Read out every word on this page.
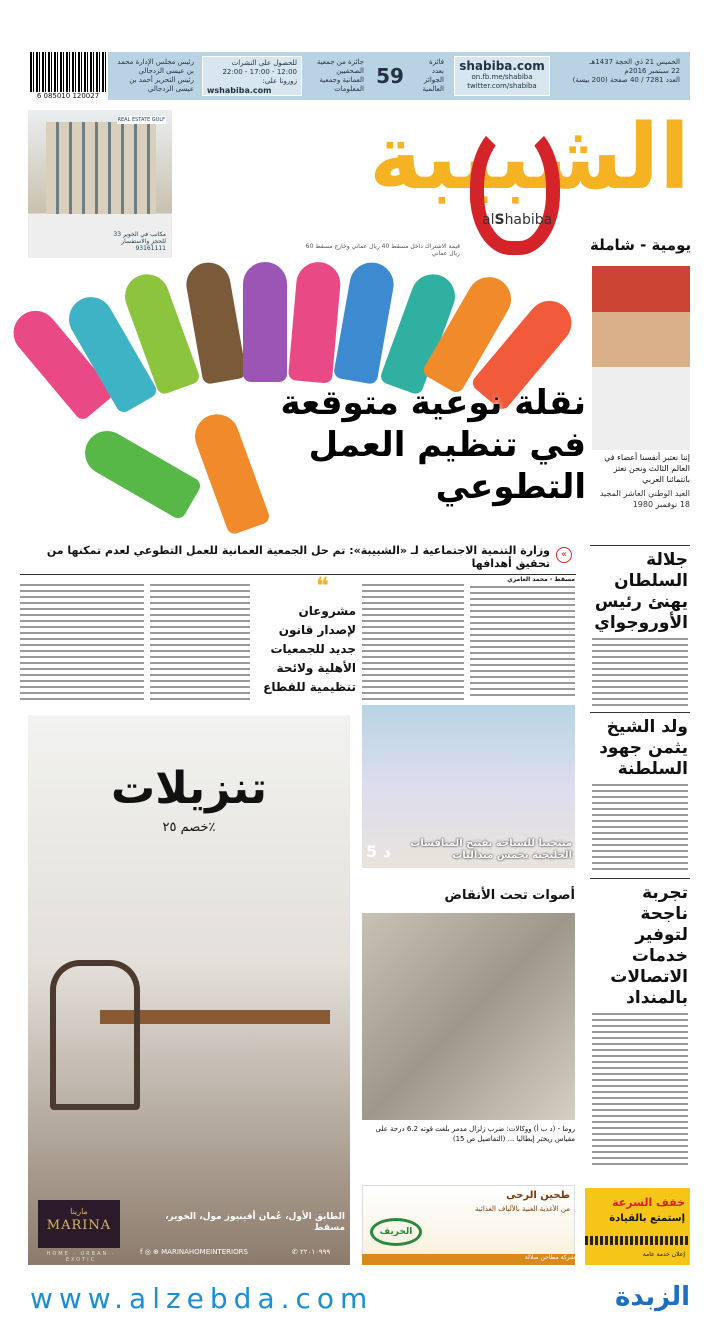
6 085010 120027
الخميس 21 ذي الحجة 1437هـ
22 سبتمبر 2016م
العدد 7281 / 40 صفحة (200 بيسة)
shabiba.com
on.fb.me/shabiba
twitter.com/shabiba
فائزة بعدد الجوائز العالمية
59
جائزة من جمعية الصحفيين
العمانية وجمعية
المعلومات
للحصول على النشرات
12:00 - 17:00 - 22:00
زورونا على:
wshabiba.com
رئيس مجلس الإدارة محمد بن عيسى الزدجالي
رئيس التحرير أحمد بن عيسى الزدجالي
REAL ESTATE GULF
مكاتب في الخوير 33
للحجز والاستفسار
93161111
الشبيبة
alShabiba
يومية - شاملة
قيمة الاشتراك داخل مسقط 40 ريال عماني وخارج مسقط 60 ريال عماني
نقلة نوعية متوقعة في تنظيم العمل التطوعي
إننا نعتبر أنفسنا أعضاء في العالم الثالث ونحن نعتز بانتمائنا العربي
العيد الوطني العاشر المجيد 18 نوفمبر 1980
وزارة التنمية الاجتماعية لـ «الشبيبة»: تم حل الجمعية العمانية للعمل التطوعي لعدم تمكنها من تحقيق أهدافها
«
مسقط - محمد العامري
❝
مشروعان لإصدار قانون جديد للجمعيات الأهلية ولائحة تنظيمية للقطاع
جلالة السلطان يهنئ رئيس الأوروجواي
ولد الشيخ يثمن جهود السلطنة
تجربة ناجحة لتوفير خدمات الاتصالات بالمنداد
تنزيلات
خصم ٢٥٪
مارينا
MARINA
HOME · URBAN · EXOTIC
الطابق الأول، عُمان أفينيوز مول، الخوير، مسقط
f ◎ ⊕ MARINAHOMEINTERIORS	✆ ٢٢٠١٠٩٩٩
منتخبنا للسباحة يفتتح المنافسات الخليجية بخمس ميداليات
5 د
أصوات تحت الأنقاض
روما - (د ب أ) ووكالات: ضرب زلزال مدمر بلغت قوته 6.2 درجة على مقياس ريختر إيطاليا ... (التفاصيل ص 15)
طحين الرحى
من الأغذية الغنية بالألياف الغذائية
الخريف
شركة مطاحن صلالة
خفف السرعة
إستمتع بالقيادة
إعلان خدمة عامة
www.alzebda.com	الزبدة
